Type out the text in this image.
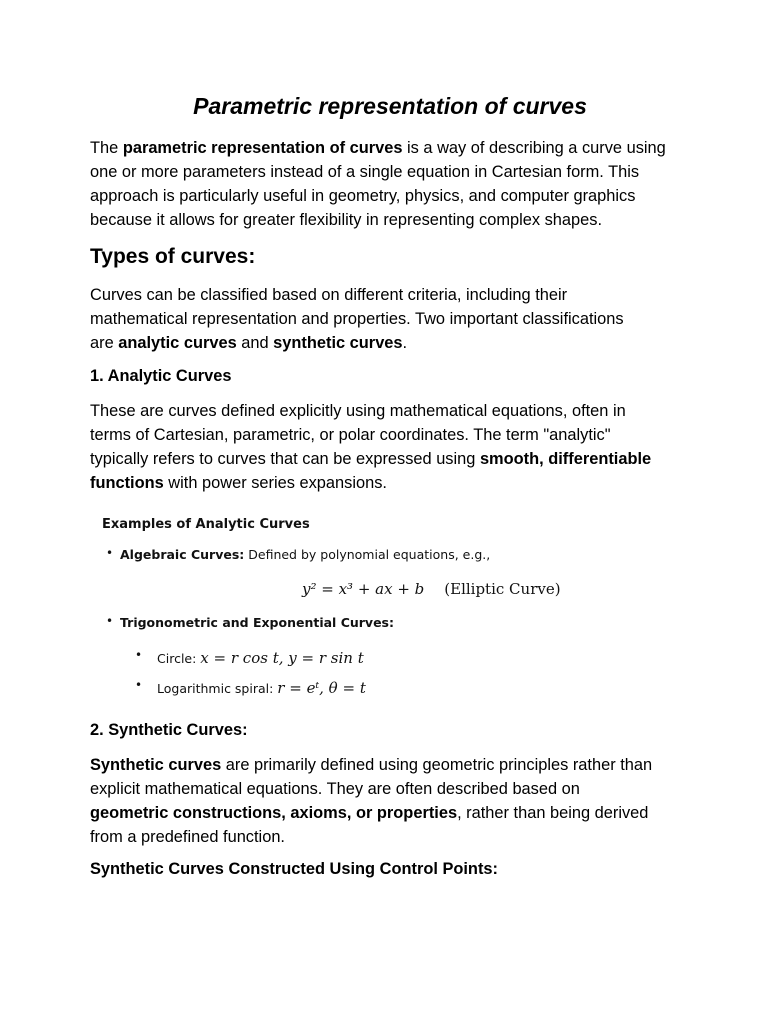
Parametric representation of curves

The parametric representation of curves is a way of describing a curve using
one or more parameters instead of a single equation in Cartesian form. This
approach is particularly useful in geometry, physics, and computer graphics
because it allows for greater flexibility in representing complex shapes.

Types of curves:

Curves can be classified based on different criteria, including their
mathematical representation and properties. Two important classifications
are analytic curves and synthetic curves.

1. Analytic Curves

These are curves defined explicitly using mathematical equations, often in
terms of Cartesian, parametric, or polar coordinates. The term "analytic"
typically refers to curves that can be expressed using smooth, differentiable
functions with power series expansions.

Examples of Analytic Curves
• Algebraic Curves: Defined by polynomial equations, e.g.,
y² = x³ + ax + b (Elliptic Curve)
• Trigonometric and Exponential Curves:
• Circle: x = r cos t, y = r sin t
• Logarithmic spiral: r = eᵗ, θ = t
2. Synthetic Curves:

Synthetic curves are primarily defined using geometric principles rather than
explicit mathematical equations. They are often described based on
geometric constructions, axioms, or properties, rather than being derived
from a predefined function.

Synthetic Curves Constructed Using Control Points:
